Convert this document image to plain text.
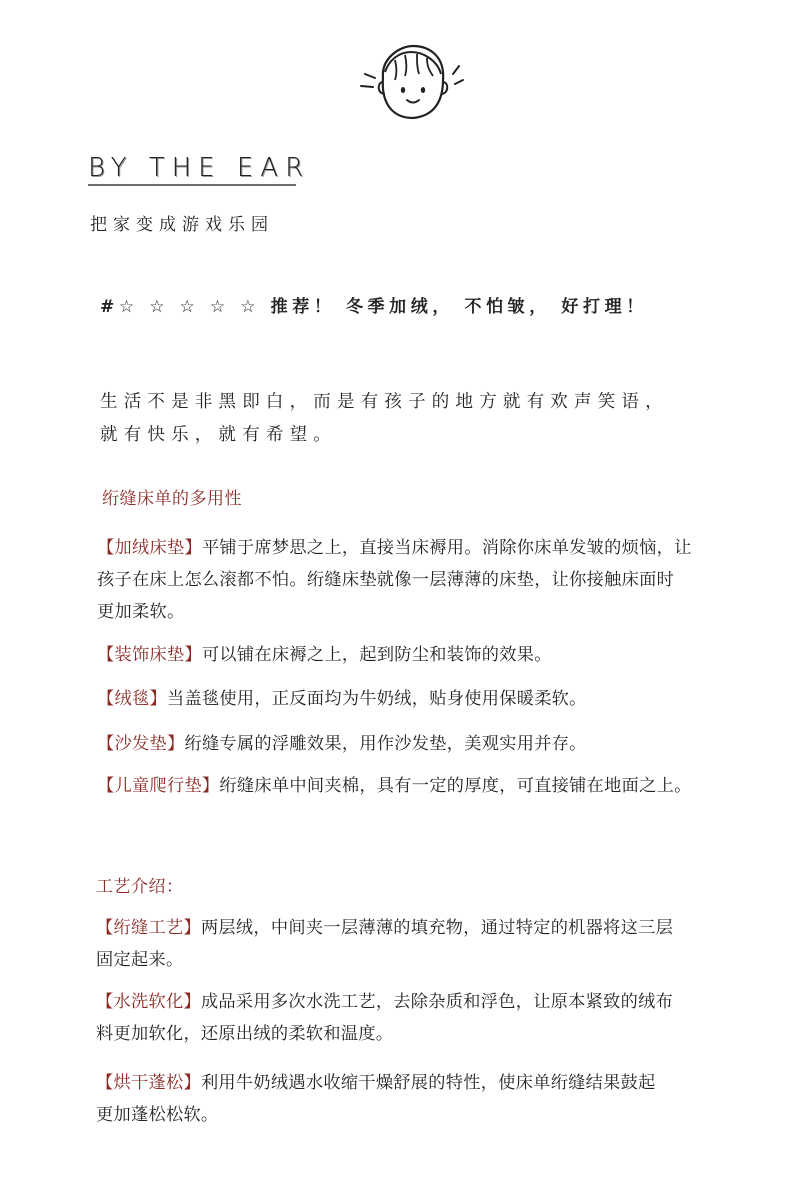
BY THE EAR
把家变成游戏乐园
#☆ ☆ ☆ ☆ ☆ 推荐！ 冬季加绒， 不怕皱， 好打理！
生活不是非黑即白，而是有孩子的地方就有欢声笑语，
就有快乐，就有希望。
绗缝床单的多用性
【加绒床垫】平铺于席梦思之上，直接当床褥用。消除你床单发皱的烦恼，让
孩子在床上怎么滚都不怕。绗缝床垫就像一层薄薄的床垫，让你接触床面时
更加柔软。
【装饰床垫】可以铺在床褥之上，起到防尘和装饰的效果。
【绒毯】当盖毯使用，正反面均为牛奶绒，贴身使用保暖柔软。
【沙发垫】绗缝专属的浮雕效果，用作沙发垫，美观实用并存。
【儿童爬行垫】绗缝床单中间夹棉，具有一定的厚度，可直接铺在地面之上。
工艺介绍：
【绗缝工艺】两层绒，中间夹一层薄薄的填充物，通过特定的机器将这三层
固定起来。
【水洗软化】成品采用多次水洗工艺，去除杂质和浮色，让原本紧致的绒布
料更加软化，还原出绒的柔软和温度。
【烘干蓬松】利用牛奶绒遇水收缩干燥舒展的特性，使床单绗缝结果鼓起
更加蓬松松软。
